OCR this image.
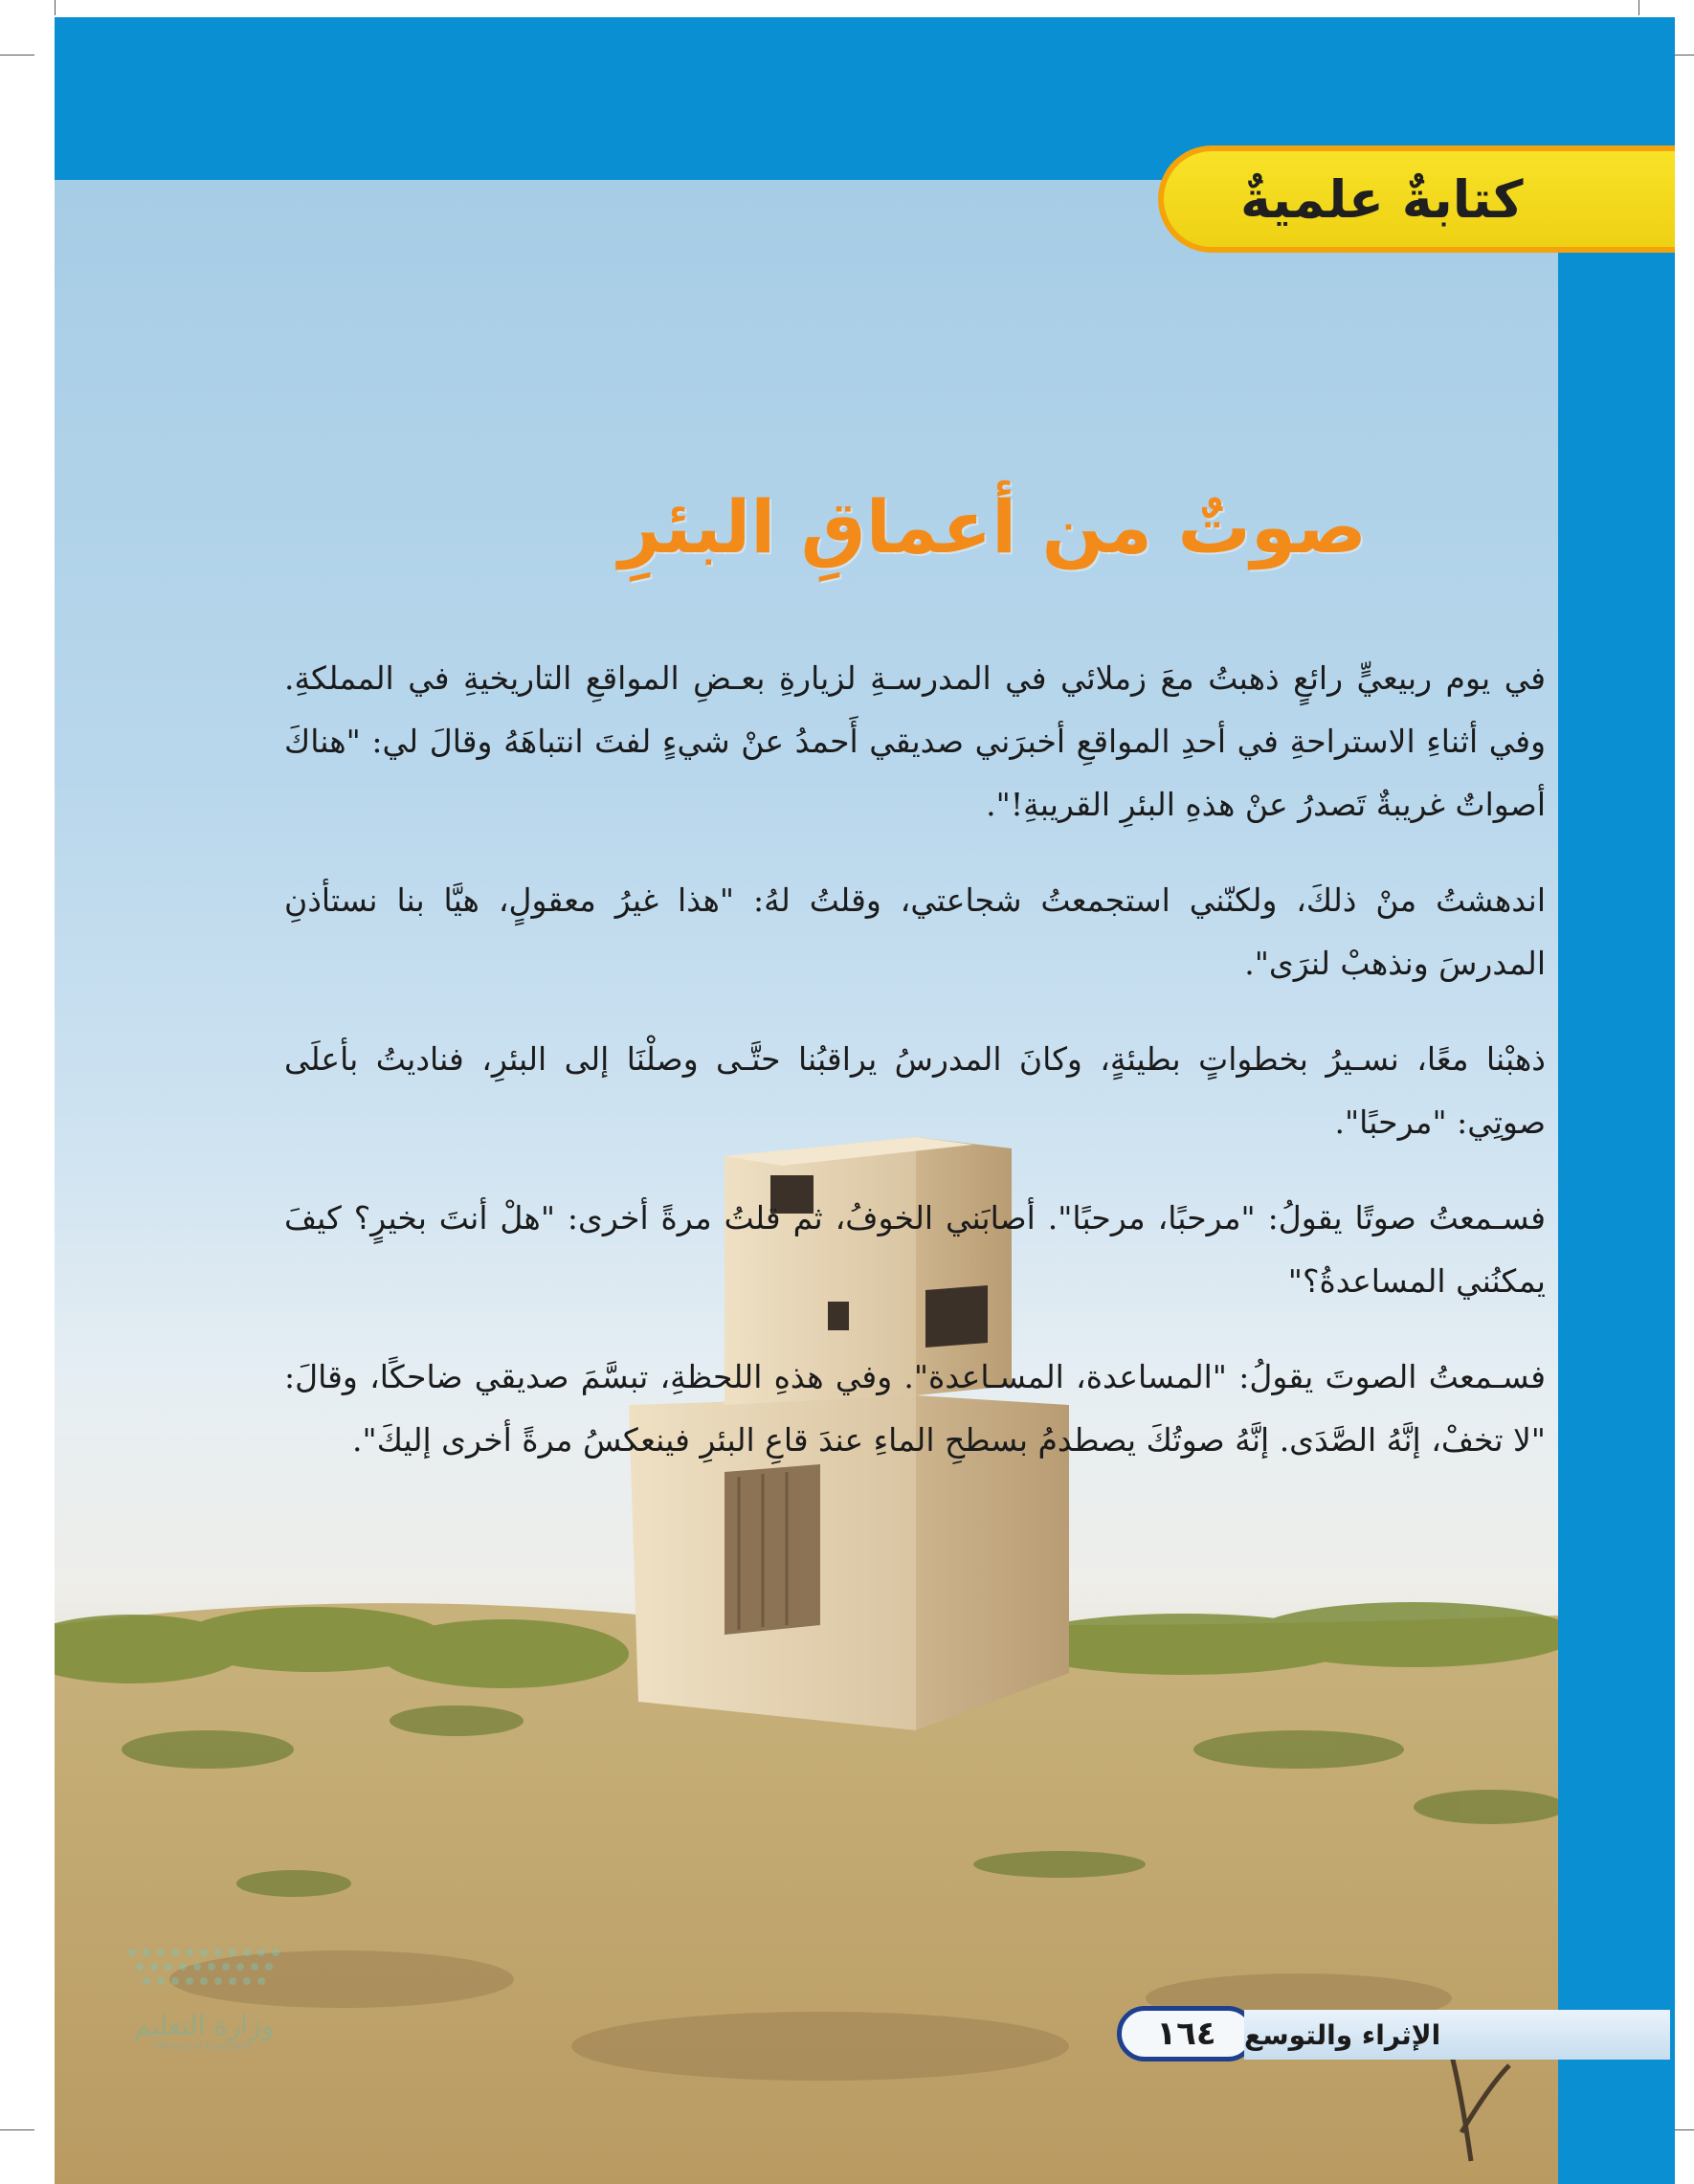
في يوم ربيعيٍّ رائعٍ ذهبتُ معَ زملائي في المدرسـةِ لزيارةِ بعـضِ المواقعِ التاريخيةِ في المملكةِ. وفي أثناءِ الاستراحةِ في أحدِ المواقعِ أخبرَني صديقي أَحمدُ عنْ شيءٍ لفتَ انتباهَهُ وقالَ لي: "هناكَ أصواتٌ غريبةٌ تَصدرُ عنْ هذهِ البئرِ القريبةِ!".

اندهشتُ منْ ذلكَ، ولكنّني استجمعتُ شجاعتي، وقلتُ لهُ: "هذا غيرُ معقولٍ، هيَّا بنا نستأذنِ المدرسَ ونذهبْ لنرَى".

ذهبْنا معًا، نسـيرُ بخطواتٍ بطيئةٍ، وكانَ المدرسُ يراقبُنا حتَّـى وصلْنَا إلى البئرِ، فناديتُ بأعلَى صوتِي: "مرحبًا".

فسـمعتُ صوتًا يقولُ: "مرحبًا، مرحبًا". أصابَني الخوفُ، ثم قلتُ مرةً أخرى: "هلْ أنتَ بخيرٍ؟ كيفَ يمكنُني المساعدةُ؟"

فسـمعتُ الصوتَ يقولُ: "المساعدة، المسـاعدة". وفي هذهِ اللحظةِ، تبسَّمَ صديقي ضاحكًا، وقالَ: "لا تخفْ، إنَّهُ الصَّدَى. إنَّهُ صوتُكَ يصطدمُ بسطحِ الماءِ عندَ قاعِ البئرِ فينعكسُ مرةً أخرى إليكَ".

صوتٌ من أعماقِ البئرِ
كتابةٌ علميةٌ
وزارة التعليم
Ministry of Education	١٦٤	الإثراء والتوسع
